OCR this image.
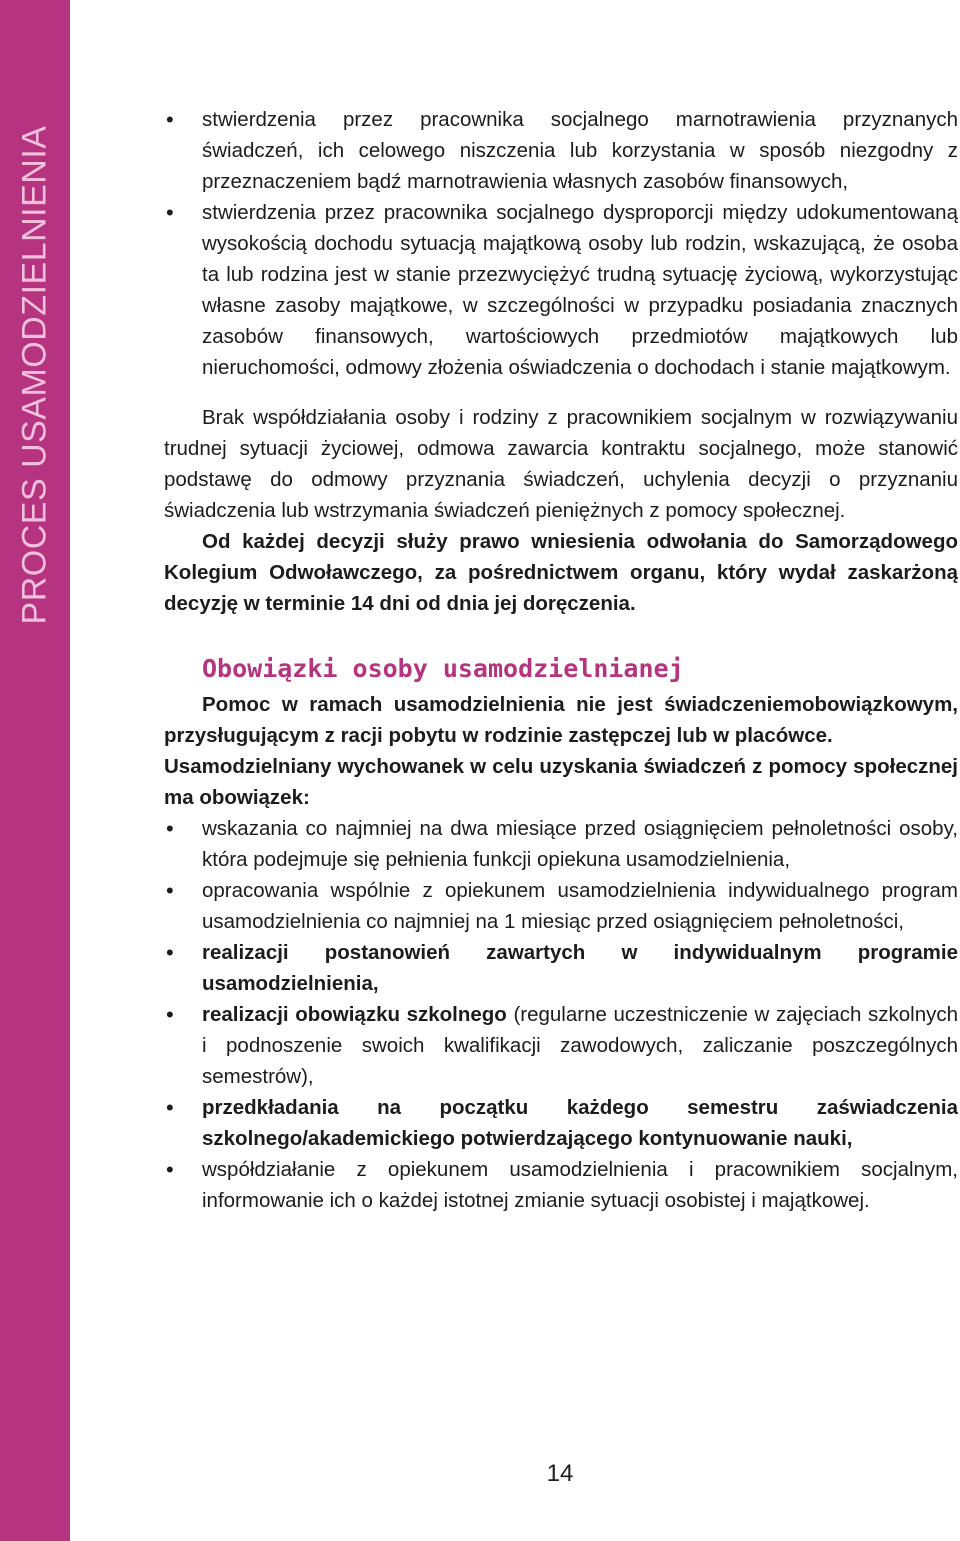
PROCES USAMODZIELNIENIA
• stwierdzenia przez pracownika socjalnego marnotrawienia przyznanych świadczeń, ich celowego niszczenia lub korzystania w sposób niezgodny z przeznaczeniem bądź marnotrawienia własnych zasobów finansowych,
• stwierdzenia przez pracownika socjalnego dysproporcji między udokumentowaną wysokością dochodu sytuacją majątkową osoby lub rodzin, wskazującą, że osoba ta lub rodzina jest w stanie przezwyciężyć trudną sytuację życiową, wykorzystując własne zasoby majątkowe, w szczególności w przypadku posiadania znacznych zasobów finansowych, wartościowych przedmiotów majątkowych lub nieruchomości, odmowy złożenia oświadczenia o dochodach i stanie majątkowym.

Brak współdziałania osoby i rodziny z pracownikiem socjalnym w rozwiązywaniu trudnej sytuacji życiowej, odmowa zawarcia kontraktu socjalnego, może stanowić podstawę do odmowy przyznania świadczeń, uchylenia decyzji o przyznaniu świadczenia lub wstrzymania świadczeń pieniężnych z pomocy społecznej.

Od każdej decyzji służy prawo wniesienia odwołania do Samorządowego Kolegium Odwoławczego, za pośrednictwem organu, który wydał zaskarżoną decyzję w terminie 14 dni od dnia jej doręczenia.

Obowiązki osoby usamodzielnianej

Pomoc w ramach usamodzielnienia nie jest świadczeniemobowiązkowym, przysługującym z racji pobytu w rodzinie zastępczej lub w placówce.

Usamodzielniany wychowanek w celu uzyskania świadczeń z pomocy społecznej ma obowiązek:

• wskazania co najmniej na dwa miesiące przed osiągnięciem pełnoletności osoby, która podejmuje się pełnienia funkcji opiekuna usamodzielnienia,
• opracowania wspólnie z opiekunem usamodzielnienia indywidualnego program usamodzielnienia co najmniej na 1 miesiąc przed osiągnięciem pełnoletności,
• realizacji postanowień zawartych w indywidualnym programie usamodzielnienia,
• realizacji obowiązku szkolnego (regularne uczestniczenie w zajęciach szkolnych i podnoszenie swoich kwalifikacji zawodowych, zaliczanie poszczególnych semestrów),
• przedkładania na początku każdego semestru zaświadczenia szkolnego/akademickiego potwierdzającego kontynuowanie nauki,
• współdziałanie z opiekunem usamodzielnienia i pracownikiem socjalnym, informowanie ich o każdej istotnej zmianie sytuacji osobistej i majątkowej.
14
